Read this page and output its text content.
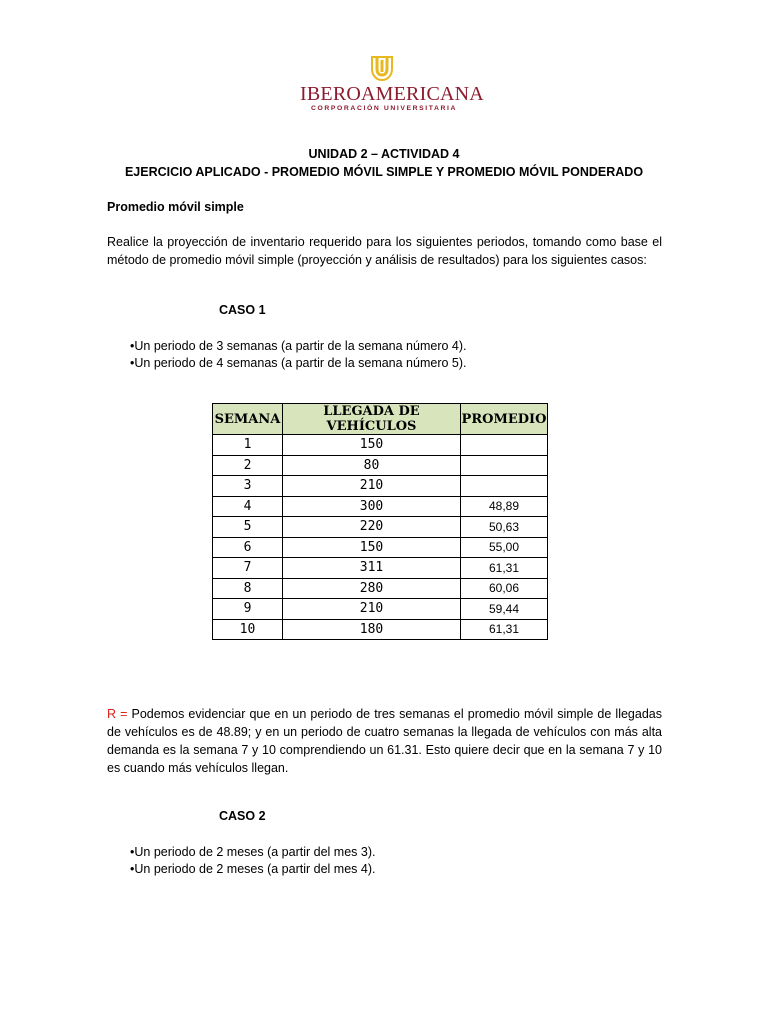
IBEROAMERICANA
CORPORACIÓN UNIVERSITARIA
UNIDAD 2 – ACTIVIDAD 4
EJERCICIO APLICADO - PROMEDIO MÓVIL SIMPLE Y PROMEDIO MÓVIL PONDERADO
Promedio móvil simple
Realice la proyección de inventario requerido para los siguientes periodos, tomando como base el método de promedio móvil simple (proyección y análisis de resultados) para los siguientes casos:
CASO 1
•Un periodo de 3 semanas (a partir de la semana número 4).
•Un periodo de 4 semanas (a partir de la semana número 5).
SEMANA	LLEGADA DE VEHÍCULOS	PROMEDIO
1	150	
2	80	
3	210	
4	300	48,89
5	220	50,63
6	150	55,00
7	311	61,31
8	280	60,06
9	210	59,44
10	180	61,31
R = Podemos evidenciar que en un periodo de tres semanas el promedio móvil simple de llegadas de vehículos es de 48.89; y en un periodo de cuatro semanas la llegada de vehículos con más alta demanda es la semana 7 y 10 comprendiendo un 61.31. Esto quiere decir que en la semana 7 y 10 es cuando más vehículos llegan.
CASO 2
•Un periodo de 2 meses (a partir del mes 3).
•Un periodo de 2 meses (a partir del mes 4).
